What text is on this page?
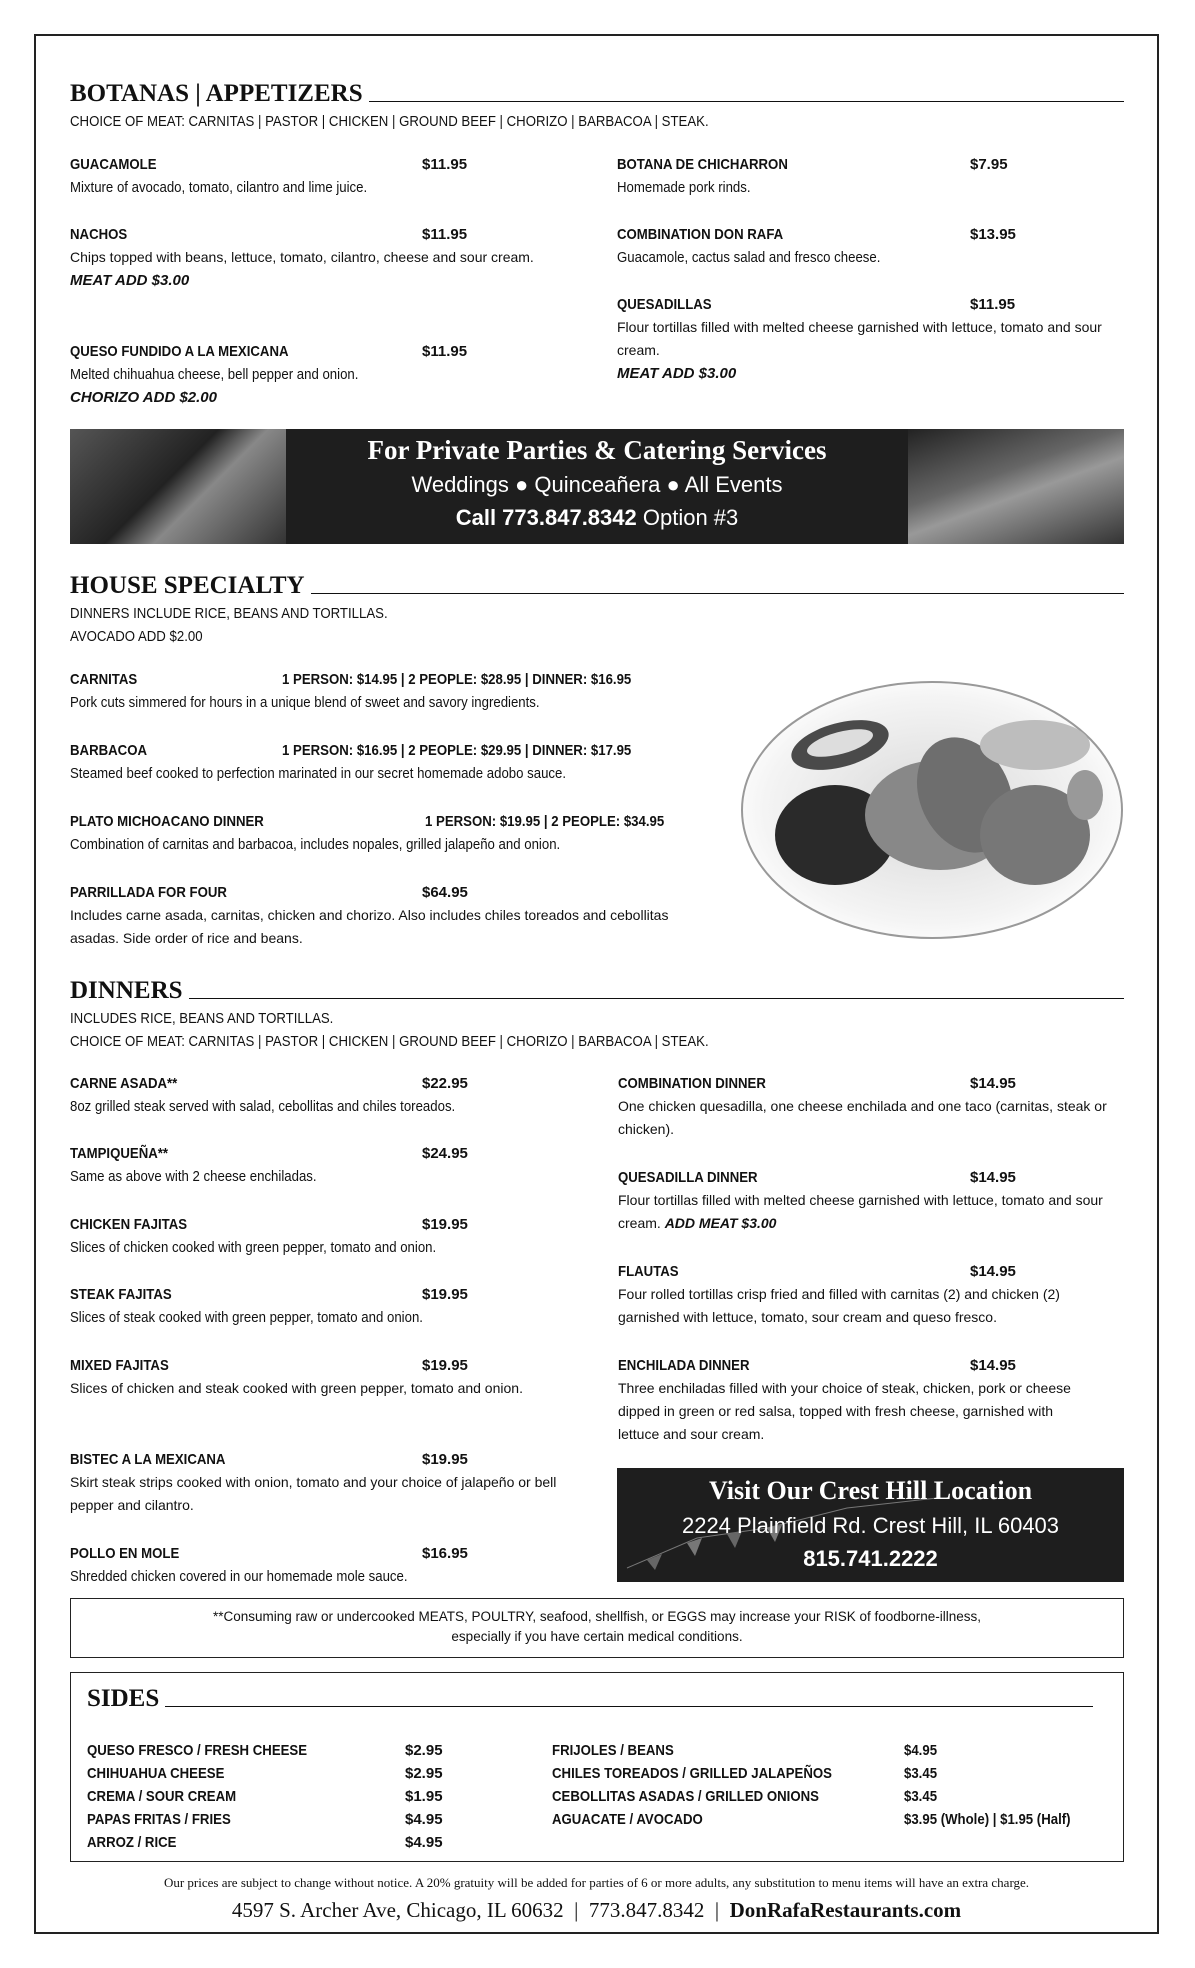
BOTANAS | APPETIZERS
CHOICE OF MEAT: CARNITAS | PASTOR | CHICKEN | GROUND BEEF | CHORIZO | BARBACOA | STEAK.
GUACAMOLE	$11.95
Mixture of avocado, tomato, cilantro and lime juice.
NACHOS	$11.95
Chips topped with beans, lettuce, tomato, cilantro, cheese and sour cream.
MEAT ADD $3.00
QUESO FUNDIDO A LA MEXICANA	$11.95
Melted chihuahua cheese, bell pepper and onion.
CHORIZO ADD $2.00
BOTANA DE CHICHARRON	$7.95
Homemade pork rinds.
COMBINATION DON RAFA	$13.95
Guacamole, cactus salad and fresco cheese.
QUESADILLAS	$11.95
Flour tortillas filled with melted cheese garnished with lettuce, tomato and sour cream.
MEAT ADD $3.00
For Private Parties & Catering Services
Weddings ● Quinceañera ● All Events
Call 773.847.8342 Option #3
HOUSE SPECIALTY
DINNERS INCLUDE RICE, BEANS AND TORTILLAS.
AVOCADO ADD $2.00
CARNITAS	1 PERSON: $14.95 | 2 PEOPLE: $28.95 | DINNER: $16.95
Pork cuts simmered for hours in a unique blend of sweet and savory ingredients.
BARBACOA	1 PERSON: $16.95 | 2 PEOPLE: $29.95 | DINNER: $17.95
Steamed beef cooked to perfection marinated in our secret homemade adobo sauce.
PLATO MICHOACANO DINNER	1 PERSON: $19.95 | 2 PEOPLE: $34.95
Combination of carnitas and barbacoa, includes nopales, grilled jalapeño and onion.
PARRILLADA FOR FOUR	$64.95
Includes carne asada, carnitas, chicken and chorizo. Also includes chiles toreados and cebollitas asadas. Side order of rice and beans.
DINNERS
INCLUDES RICE, BEANS AND TORTILLAS.
CHOICE OF MEAT: CARNITAS | PASTOR | CHICKEN | GROUND BEEF | CHORIZO | BARBACOA | STEAK.
CARNE ASADA**	$22.95
8oz grilled steak served with salad, cebollitas and chiles toreados.
TAMPIQUEÑA**	$24.95
Same as above with 2 cheese enchiladas.
CHICKEN FAJITAS	$19.95
Slices of chicken cooked with green pepper, tomato and onion.
STEAK FAJITAS	$19.95
Slices of steak cooked with green pepper, tomato and onion.
MIXED FAJITAS	$19.95
Slices of chicken and steak cooked with green pepper, tomato and onion.
BISTEC A LA MEXICANA	$19.95
Skirt steak strips cooked with onion, tomato and your choice of jalapeño or bell pepper and cilantro.
POLLO EN MOLE	$16.95
Shredded chicken covered in our homemade mole sauce.
COMBINATION DINNER	$14.95
One chicken quesadilla, one cheese enchilada and one taco (carnitas, steak or chicken).
QUESADILLA DINNER	$14.95
Flour tortillas filled with melted cheese garnished with lettuce, tomato and sour cream. ADD MEAT $3.00
FLAUTAS	$14.95
Four rolled tortillas crisp fried and filled with carnitas (2) and chicken (2) garnished with lettuce, tomato, sour cream and queso fresco.
ENCHILADA DINNER	$14.95
Three enchiladas filled with your choice of steak, chicken, pork or cheese dipped in green or red salsa, topped with fresh cheese, garnished with lettuce and sour cream.
Visit Our Crest Hill Location
2224 Plainfield Rd. Crest Hill, IL 60403
815.741.2222
**Consuming raw or undercooked MEATS, POULTRY, seafood, shellfish, or EGGS may increase your RISK of foodborne-illness,
especially if you have certain medical conditions.
SIDES
QUESO FRESCO / FRESH CHEESE	$2.95
CHIHUAHUA CHEESE	$2.95
CREMA / SOUR CREAM	$1.95
PAPAS FRITAS / FRIES	$4.95
ARROZ / RICE	$4.95
FRIJOLES / BEANS	$4.95
CHILES TOREADOS / GRILLED JALAPEÑOS	$3.45
CEBOLLITAS ASADAS / GRILLED ONIONS	$3.45
AGUACATE / AVOCADO	$3.95 (Whole) | $1.95 (Half)
Our prices are subject to change without notice. A 20% gratuity will be added for parties of 6 or more adults, any substitution to menu items will have an extra charge.
4597 S. Archer Ave, Chicago, IL 60632 | 773.847.8342 | DonRafaRestaurants.com
